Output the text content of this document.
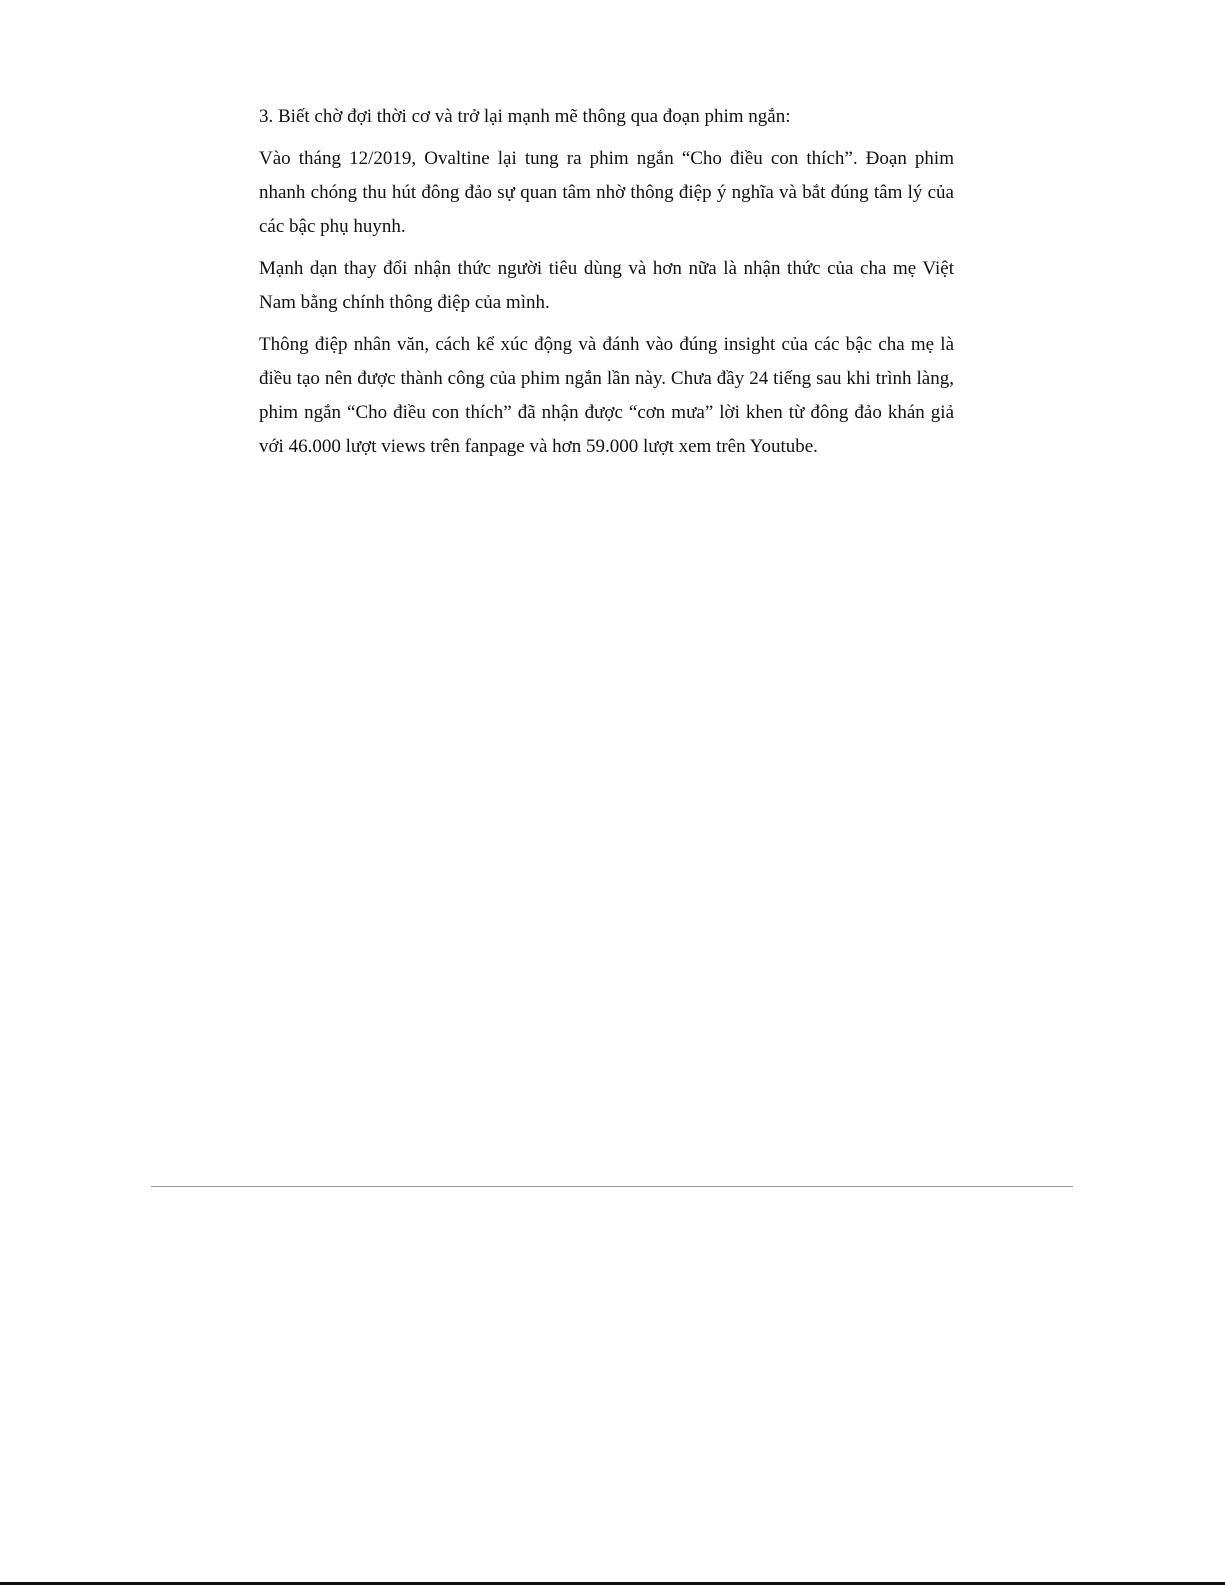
3. Biết chờ đợi thời cơ và trở lại mạnh mẽ thông qua đoạn phim ngắn:

Vào tháng 12/2019, Ovaltine lại tung ra phim ngắn “Cho điều con thích”. Đoạn phim nhanh chóng thu hút đông đảo sự quan tâm nhờ thông điệp ý nghĩa và bắt đúng tâm lý của các bậc phụ huynh.

Mạnh dạn thay đổi nhận thức người tiêu dùng và hơn nữa là nhận thức của cha mẹ Việt Nam bằng chính thông điệp của mình.

Thông điệp nhân văn, cách kể xúc động và đánh vào đúng insight của các bậc cha mẹ là điều tạo nên được thành công của phim ngắn lần này. Chưa đầy 24 tiếng sau khi trình làng, phim ngắn “Cho điều con thích” đã nhận được “cơn mưa” lời khen từ đông đảo khán giả với 46.000 lượt views trên fanpage và hơn 59.000 lượt xem trên Youtube.
